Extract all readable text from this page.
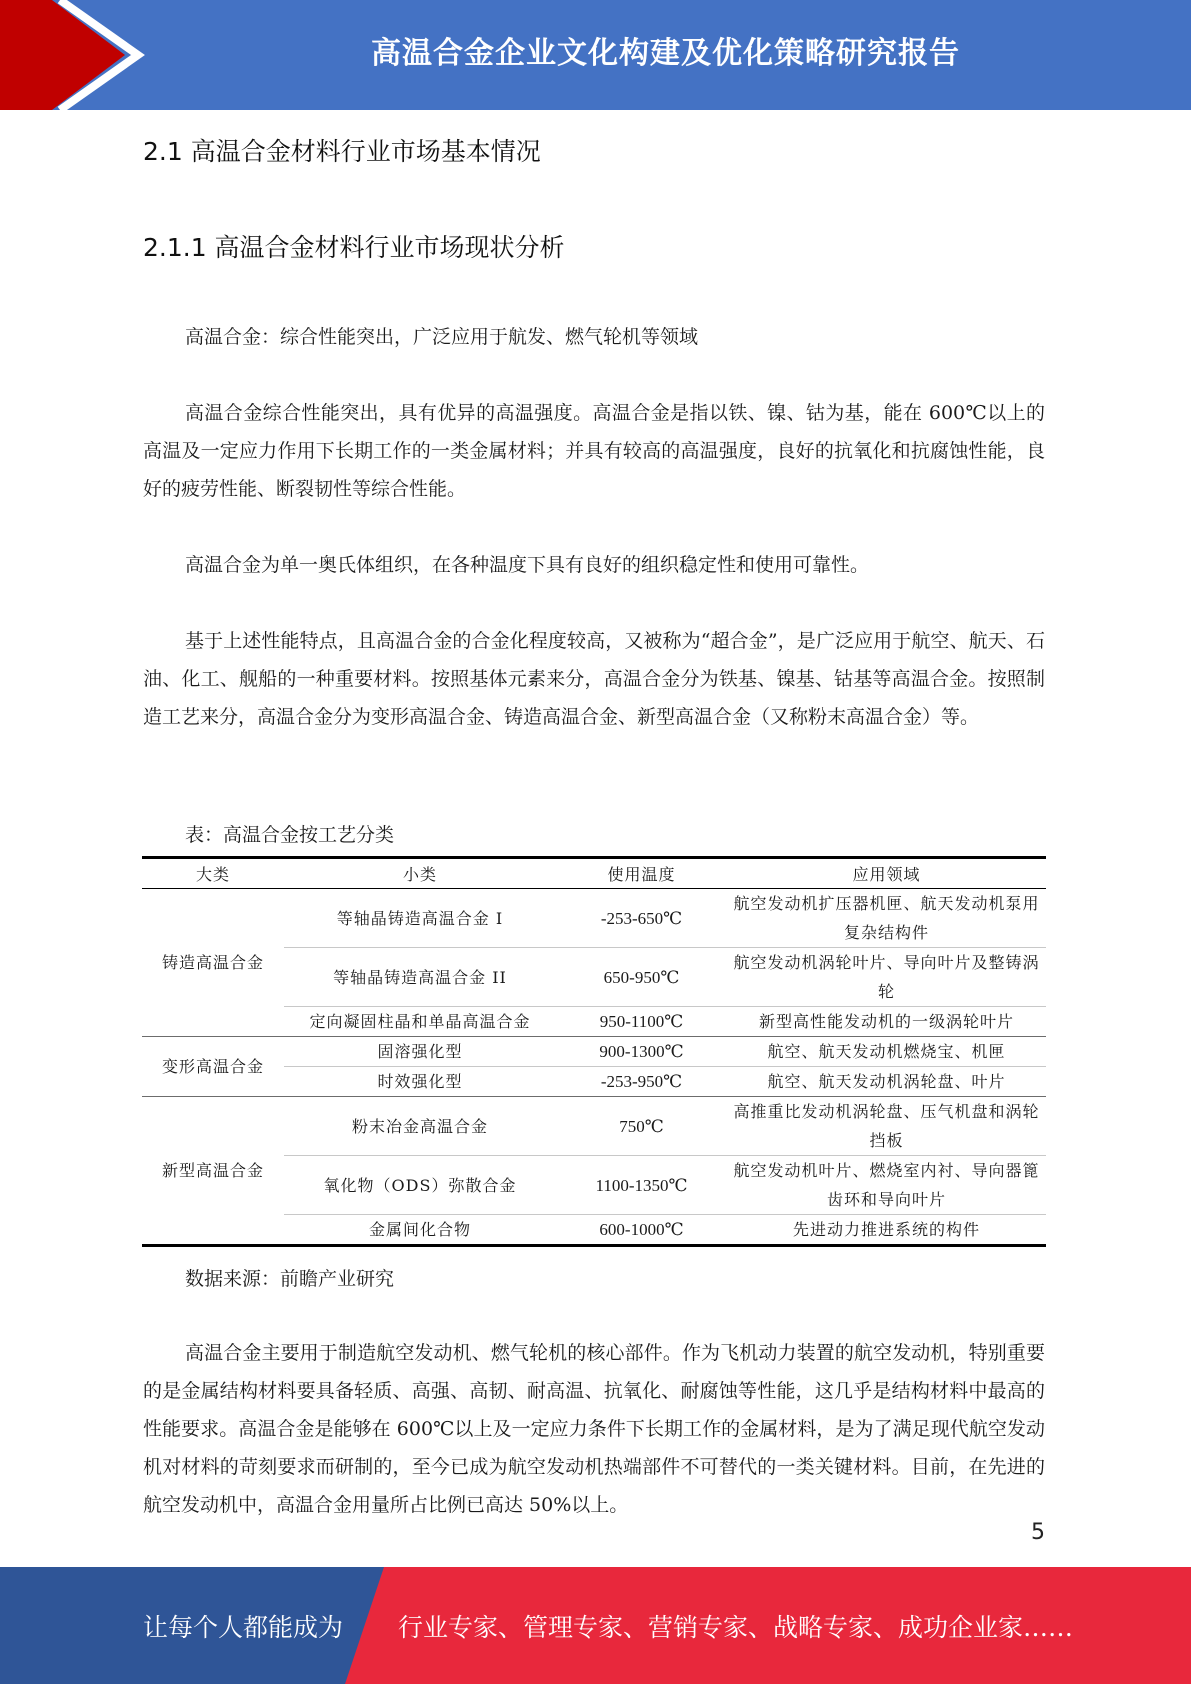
高温合金企业文化构建及优化策略研究报告
2.1 高温合金材料行业市场基本情况
2.1.1 高温合金材料行业市场现状分析

高温合金：综合性能突出，广泛应用于航发、燃气轮机等领域

高温合金综合性能突出，具有优异的高温强度。高温合金是指以铁、镍、钴为基，能在 600℃以上的高温及一定应力作用下长期工作的一类金属材料；并具有较高的高温强度，良好的抗氧化和抗腐蚀性能，良好的疲劳性能、断裂韧性等综合性能。

高温合金为单一奥氏体组织，在各种温度下具有良好的组织稳定性和使用可靠性。

基于上述性能特点，且高温合金的合金化程度较高，又被称为“超合金”，是广泛应用于航空、航天、石油、化工、舰船的一种重要材料。按照基体元素来分，高温合金分为铁基、镍基、钴基等高温合金。按照制造工艺来分，高温合金分为变形高温合金、铸造高温合金、新型高温合金（又称粉末高温合金）等。

表：高温合金按工艺分类
大类	小类	使用温度	应用领域
铸造高温合金	等轴晶铸造高温合金 I	-253-650℃	航空发动机扩压器机匣、航天发动机泵用复杂结构件
	等轴晶铸造高温合金 II	650-950℃	航空发动机涡轮叶片、导向叶片及整铸涡轮
	定向凝固柱晶和单晶高温合金	950-1100℃	新型高性能发动机的一级涡轮叶片
变形高温合金	固溶强化型	900-1300℃	航空、航天发动机燃烧宝、机匣
	时效强化型	-253-950℃	航空、航天发动机涡轮盘、叶片
新型高温合金	粉末冶金高温合金	750℃	高推重比发动机涡轮盘、压气机盘和涡轮挡板
	氧化物（ODS）弥散合金	1100-1350℃	航空发动机叶片、燃烧室内衬、导向器篦齿环和导向叶片
	金属间化合物	600-1000℃	先进动力推进系统的构件
数据来源：前瞻产业研究

高温合金主要用于制造航空发动机、燃气轮机的核心部件。作为飞机动力装置的航空发动机，特别重要的是金属结构材料要具备轻质、高强、高韧、耐高温、抗氧化、耐腐蚀等性能，这几乎是结构材料中最高的性能要求。高温合金是能够在 600℃以上及一定应力条件下长期工作的金属材料，是为了满足现代航空发动机对材料的苛刻要求而研制的，至今已成为航空发动机热端部件不可替代的一类关键材料。目前，在先进的航空发动机中，高温合金用量所占比例已高达 50%以上。

5
让每个人都能成为 行业专家、管理专家、营销专家、战略专家、成功企业家……
